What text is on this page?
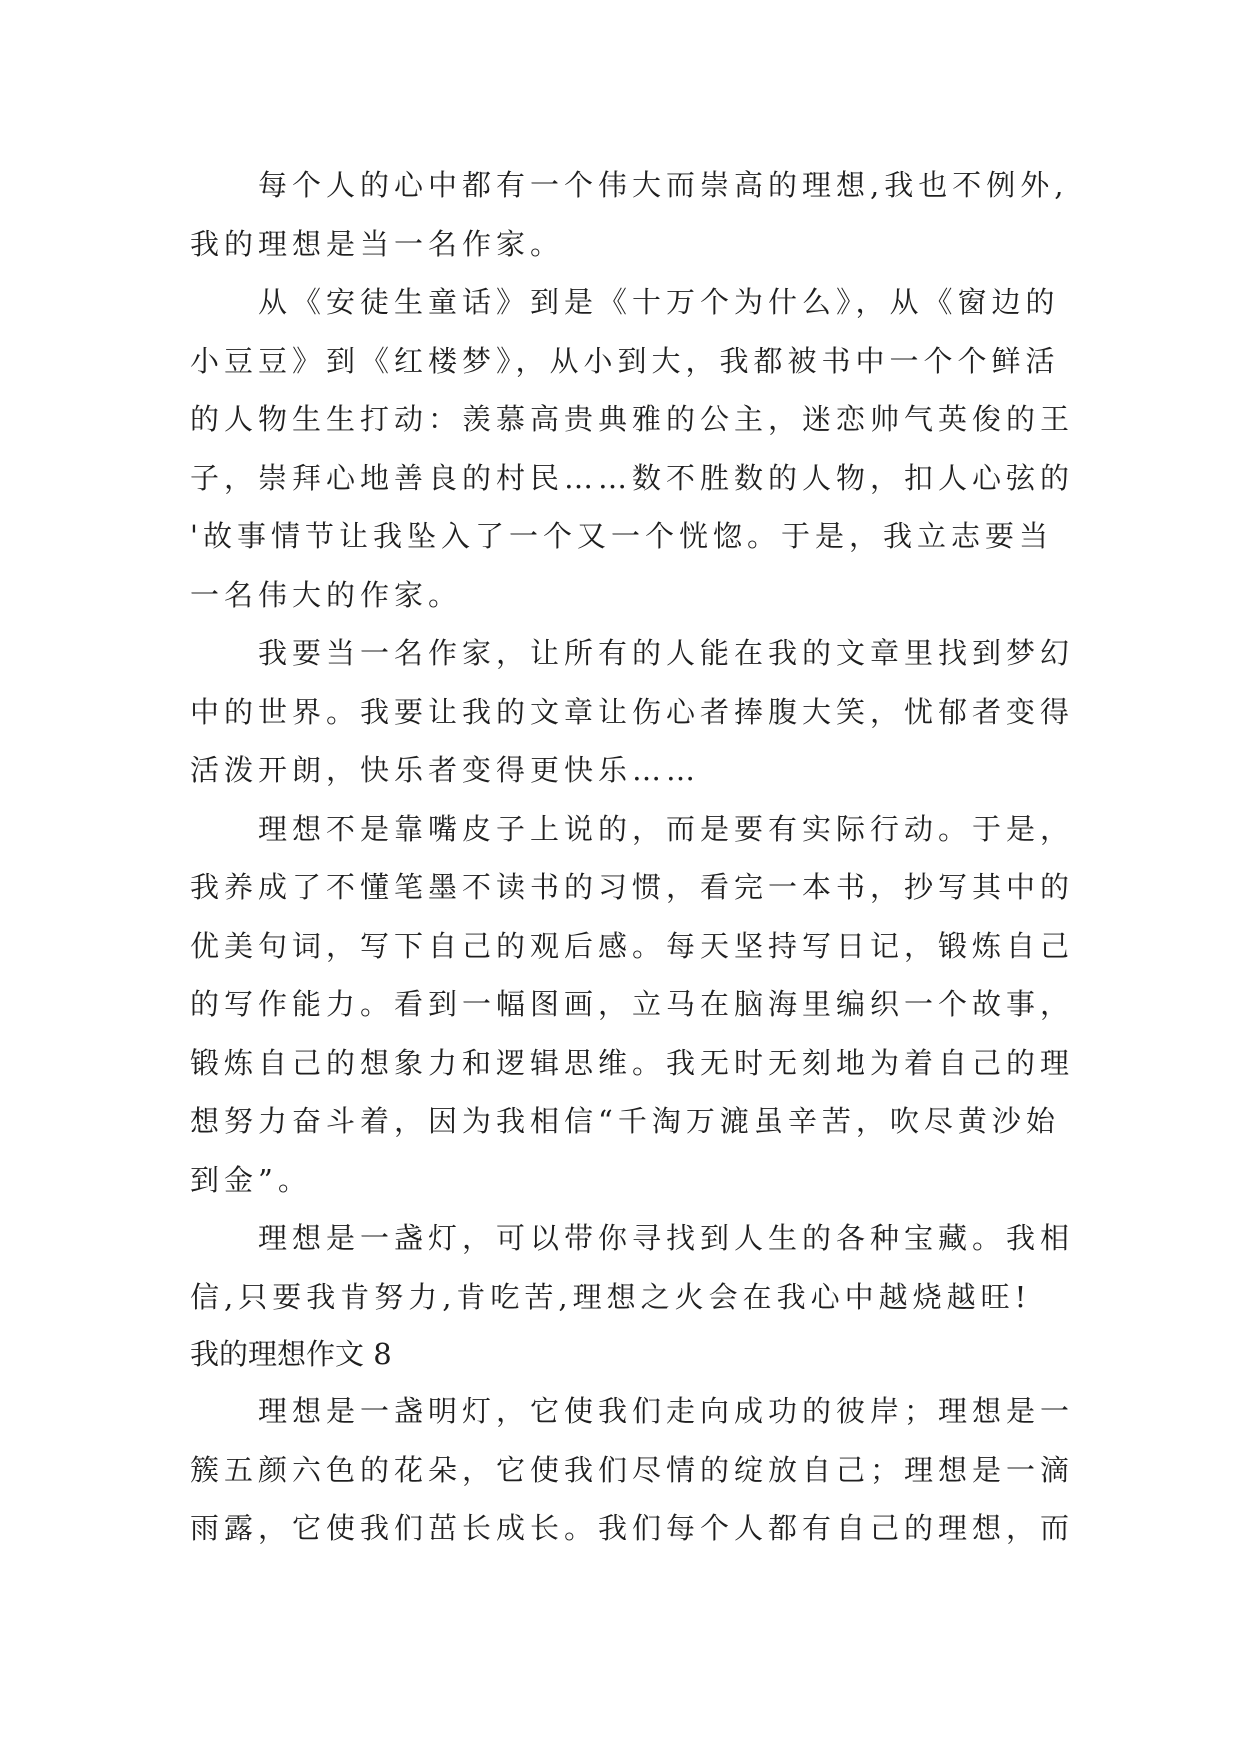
每个人的心中都有一个伟大而崇高的理想,我也不例外,
我的理想是当一名作家。
从《安徒生童话》到是《十万个为什么》，从《窗边的
小豆豆》到《红楼梦》，从小到大，我都被书中一个个鲜活
的人物生生打动：羡慕高贵典雅的公主，迷恋帅气英俊的王
子，崇拜心地善良的村民……数不胜数的人物，扣人心弦的
'故事情节让我坠入了一个又一个恍惚。于是，我立志要当
一名伟大的作家。
我要当一名作家，让所有的人能在我的文章里找到梦幻
中的世界。我要让我的文章让伤心者捧腹大笑，忧郁者变得
活泼开朗，快乐者变得更快乐……
理想不是靠嘴皮子上说的，而是要有实际行动。于是，
我养成了不懂笔墨不读书的习惯，看完一本书，抄写其中的
优美句词，写下自己的观后感。每天坚持写日记，锻炼自己
的写作能力。看到一幅图画，立马在脑海里编织一个故事，
锻炼自己的想象力和逻辑思维。我无时无刻地为着自己的理
想努力奋斗着，因为我相信“千淘万漉虽辛苦，吹尽黄沙始
到金”。
理想是一盏灯，可以带你寻找到人生的各种宝藏。我相
信,只要我肯努力,肯吃苦,理想之火会在我心中越烧越旺!
我的理想作文 8
理想是一盏明灯，它使我们走向成功的彼岸；理想是一
簇五颜六色的花朵，它使我们尽情的绽放自己；理想是一滴
雨露，它使我们茁长成长。我们每个人都有自己的理想，而
